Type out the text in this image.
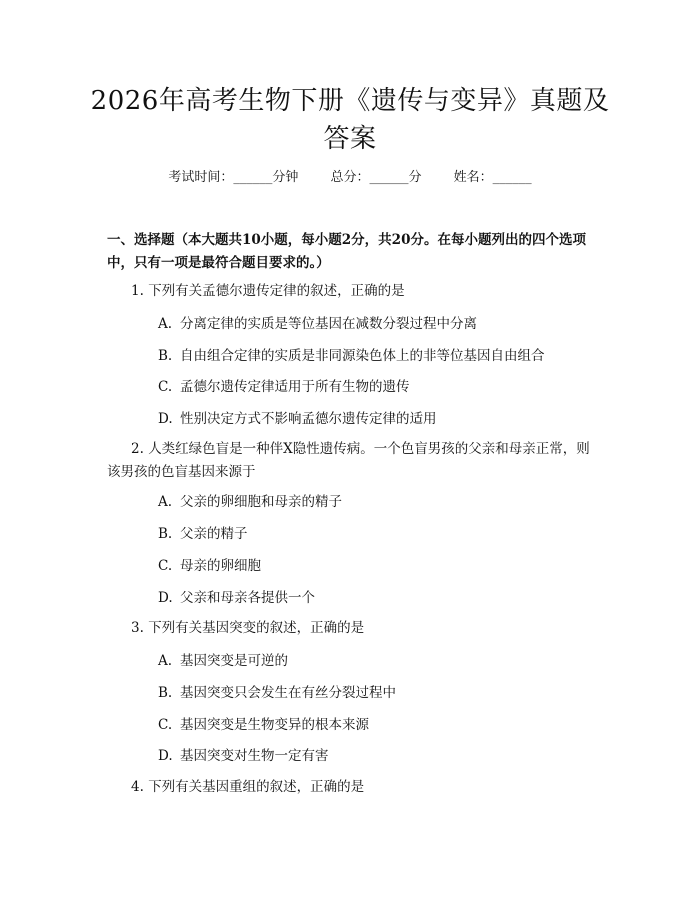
2026年高考生物下册《遗传与变异》真题及答案
考试时间：______分钟 总分：______分 姓名：______

一、选择题（本大题共10小题，每小题2分，共20分。在每小题列出的四个选项中，只有一项是最符合题目要求的。）

1. 下列有关孟德尔遗传定律的叙述，正确的是

A. 分离定律的实质是等位基因在减数分裂过程中分离

B. 自由组合定律的实质是非同源染色体上的非等位基因自由组合

C. 孟德尔遗传定律适用于所有生物的遗传

D. 性别决定方式不影响孟德尔遗传定律的适用

2. 人类红绿色盲是一种伴X隐性遗传病。一个色盲男孩的父亲和母亲正常，则该男孩的色盲基因来源于

A. 父亲的卵细胞和母亲的精子

B. 父亲的精子

C. 母亲的卵细胞

D. 父亲和母亲各提供一个

3. 下列有关基因突变的叙述，正确的是

A. 基因突变是可逆的

B. 基因突变只会发生在有丝分裂过程中

C. 基因突变是生物变异的根本来源

D. 基因突变对生物一定有害

4. 下列有关基因重组的叙述，正确的是
